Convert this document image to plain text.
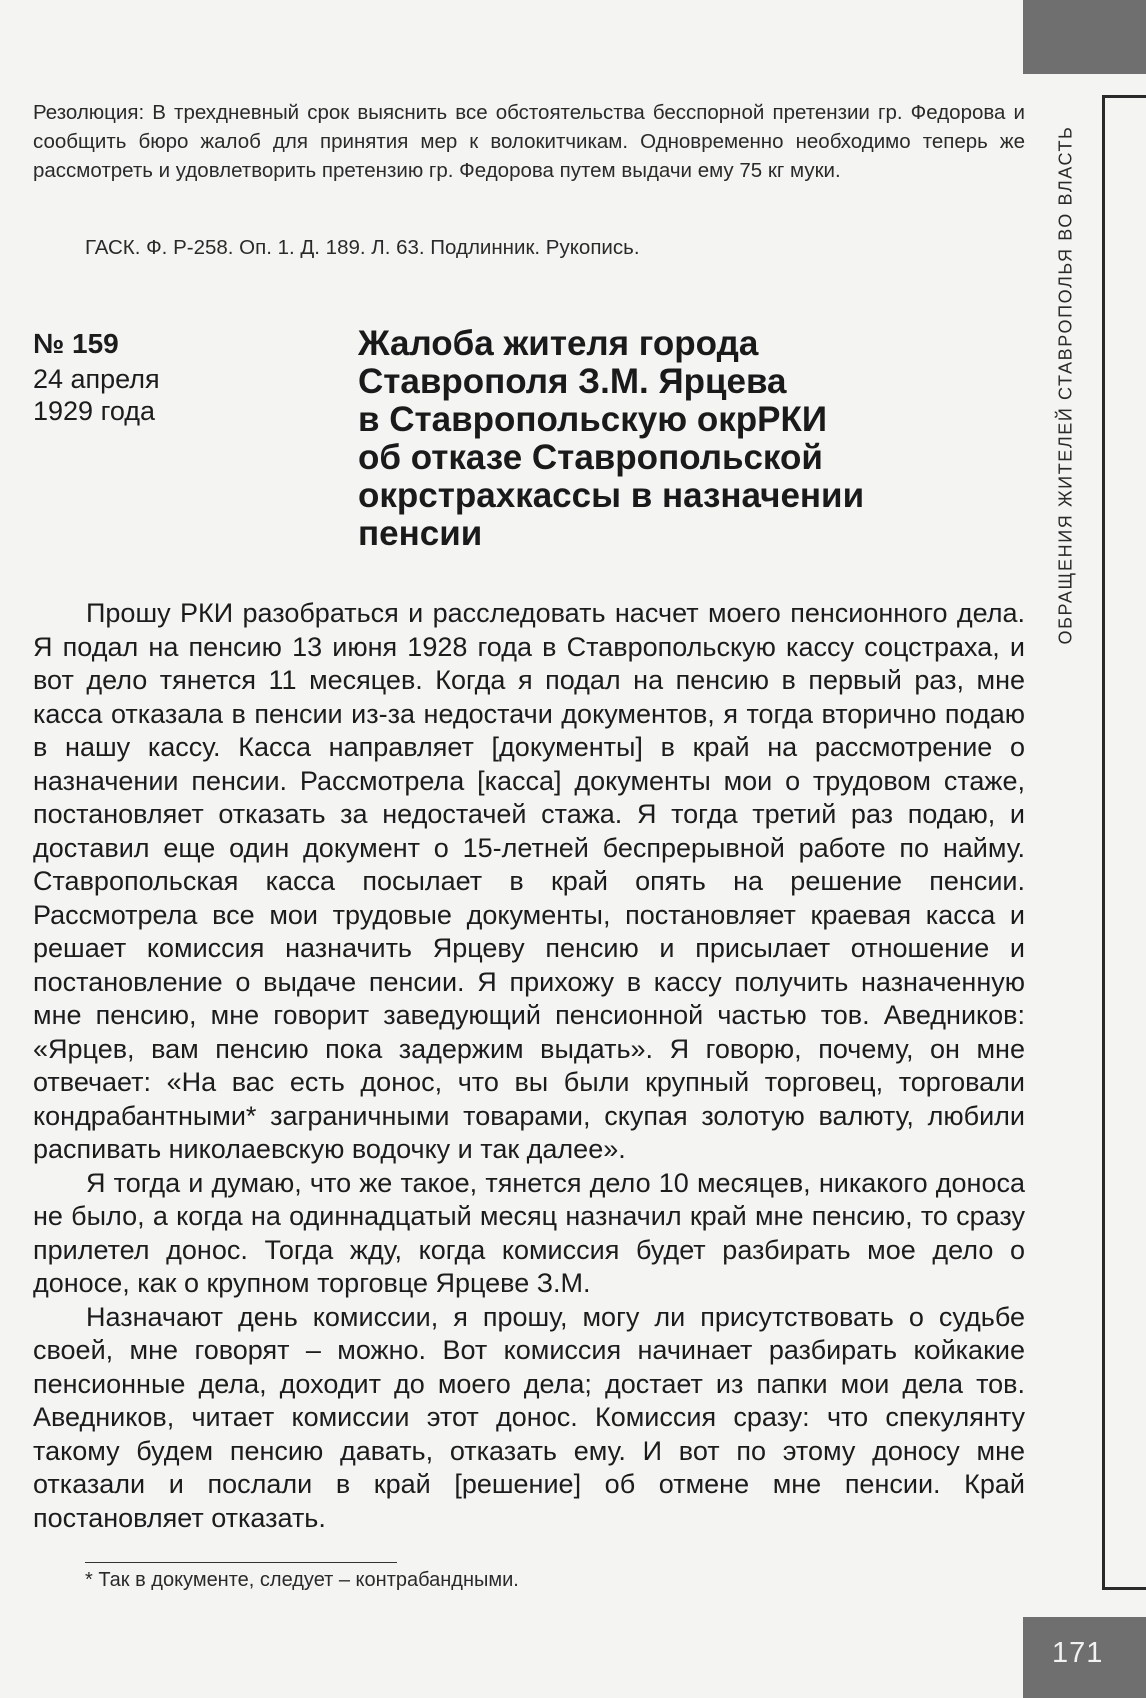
ОБРАЩЕНИЯ ЖИТЕЛЕЙ СТАВРОПОЛЬЯ ВО ВЛАСТЬ
Резолюция: В трехдневный срок выяснить все обстоятельства бесспорной претензии гр. Федорова и сообщить бюро жалоб для принятия мер к волокитчикам. Одновременно необходимо теперь же рассмотреть и удовлетворить претензию гр. Федорова путем выдачи ему 75 кг муки.
ГАСК. Ф. Р-258. Оп. 1. Д. 189. Л. 63. Подлинник. Рукопись.
№ 159
24 апреля
1929 года
Жалоба жителя города
Ставрополя З.М. Ярцева
в Ставропольскую окрРКИ
об отказе Ставропольской
окрстрахкассы в назначении
пенсии

Прошу РКИ разобраться и расследовать насчет моего пенсионного дела. Я подал на пенсию 13 июня 1928 года в Ставропольскую кассу соцстраха, и вот дело тянется 11 месяцев. Когда я подал на пенсию в первый раз, мне касса отказала в пенсии из-за недостачи документов, я тогда вторично подаю в нашу кассу. Касса направляет [документы] в край на рассмотрение о назначении пенсии. Рассмотрела [касса] документы мои о трудовом стаже, постановляет отказать за недостачей стажа. Я тогда третий раз подаю, и доставил еще один документ о 15-летней беспрерывной работе по найму. Ставропольская касса посылает в край опять на решение пенсии. Рассмотрела все мои трудовые документы, постановляет краевая касса и решает комиссия назначить Ярцеву пенсию и присылает отношение и постановление о выдаче пенсии. Я прихожу в кассу получить назначенную мне пенсию, мне говорит заведующий пенсионной частью тов. Аведников: «Ярцев, вам пенсию пока задержим выдать». Я говорю, почему, он мне отвечает: «На вас есть донос, что вы были крупный торговец, торговали кондрабантными* заграничными товарами, скупая золотую валюту, любили распивать николаевскую водочку и так далее».

Я тогда и думаю, что же такое, тянется дело 10 месяцев, никакого доноса не было, а когда на одиннадцатый месяц назначил край мне пенсию, то сразу прилетел донос. Тогда жду, когда комиссия будет разбирать мое дело о доносе, как о крупном торговце Ярцеве З.М.

Назначают день комиссии, я прошу, могу ли присутствовать о судьбе своей, мне говорят – можно. Вот комиссия начинает разбирать койкакие пенсионные дела, доходит до моего дела; достает из папки мои дела тов. Аведников, читает комиссии этот донос. Комиссия сразу: что спекулянту такому будем пенсию давать, отказать ему. И вот по этому доносу мне отказали и послали в край [решение] об отмене мне пенсии. Край постановляет отказать.

* Так в документе, следует – контрабандными.
171
